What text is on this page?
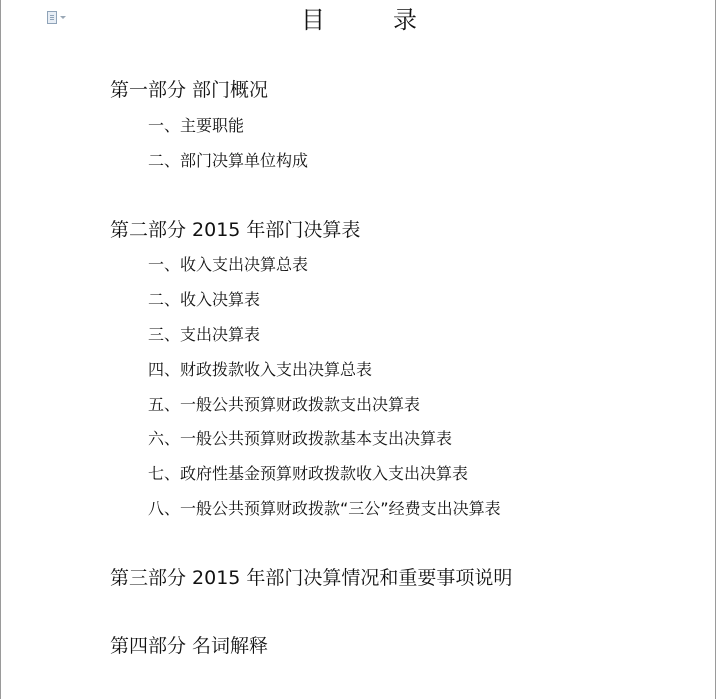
目　录
第一部分 部门概况
一、主要职能
二、部门决算单位构成
第二部分 2015 年部门决算表
一、收入支出决算总表
二、收入决算表
三、支出决算表
四、财政拨款收入支出决算总表
五、一般公共预算财政拨款支出决算表
六、一般公共预算财政拨款基本支出决算表
七、政府性基金预算财政拨款收入支出决算表
八、一般公共预算财政拨款“三公”经费支出决算表
第三部分 2015 年部门决算情况和重要事项说明
第四部分 名词解释
